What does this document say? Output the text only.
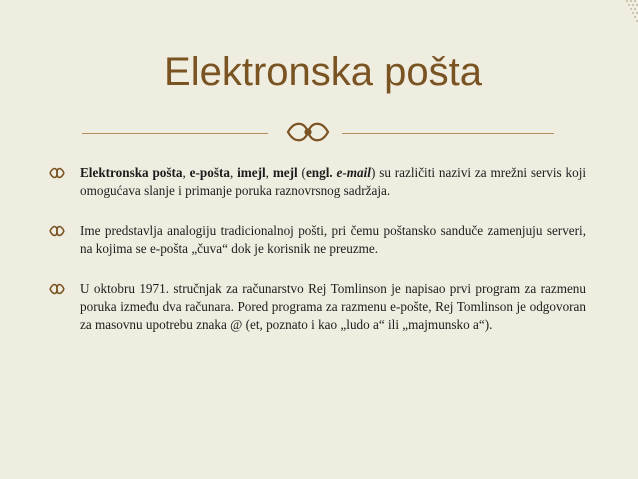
Elektronska pošta
Elektronska pošta, e-pošta, imejl, mejl (engl. e-mail) su različiti nazivi za mrežni servis koji omogućava slanje i primanje poruka raznovrsnog sadržaja.
Ime predstavlja analogiju tradicionalnoj pošti, pri čemu poštansko sandučе zamenjuju serveri, na kojima se e-pošta „čuva“ dok je korisnik ne preuzme.
U oktobru 1971. stručnjak za računarstvo Rej Tomlinson je napisao prvi program za razmenu poruka između dva računara. Pored programa za razmenu e-pošte, Rej Tomlinson je odgovoran za masovnu upotrebu znaka @ (et, poznato i kao „ludo a“ ili „majmunsko a“).
